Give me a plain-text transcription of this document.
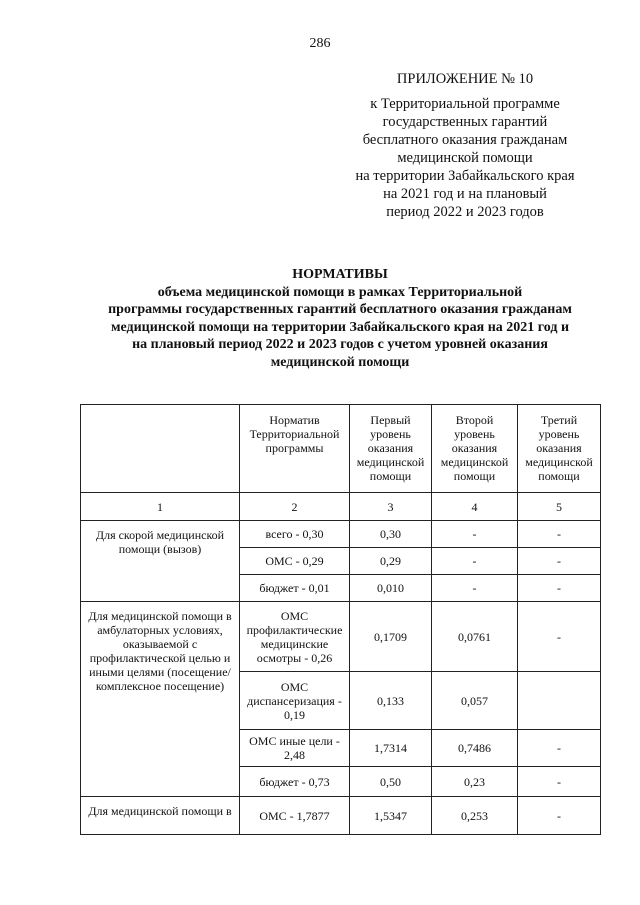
286
ПРИЛОЖЕНИЕ № 10
к Территориальной программе
государственных гарантий
бесплатного оказания гражданам
медицинской помощи
на территории Забайкальского края
на 2021 год и на плановый
период 2022 и 2023 годов
НОРМАТИВЫ
объема медицинской помощи в рамках Территориальной
программы государственных гарантий бесплатного оказания гражданам
медицинской помощи на территории Забайкальского края на 2021 год и
на плановый период 2022 и 2023 годов с учетом уровней оказания
медицинской помощи
	Норматив Территориальной программы	Первый уровень оказания медицинской помощи	Второй уровень оказания медицинской помощи	Третий уровень оказания медицинской помощи
1	2	3	4	5
Для скорой медицинской помощи (вызов)	всего - 0,30	0,30	-	-
	ОМС - 0,29	0,29	-	-
	бюджет - 0,01	0,010	-	-
Для медицинской помощи в амбулаторных условиях, оказываемой с профилактической целью и иными целями (посещение/комплексное посещение)	ОМС профилактические медицинские осмотры - 0,26	0,1709	0,0761	-
	ОМС диспансеризация - 0,19	0,133	0,057	
	ОМС иные цели - 2,48	1,7314	0,7486	-
	бюджет - 0,73	0,50	0,23	-
Для медицинской помощи в	ОМС - 1,7877	1,5347	0,253	-
